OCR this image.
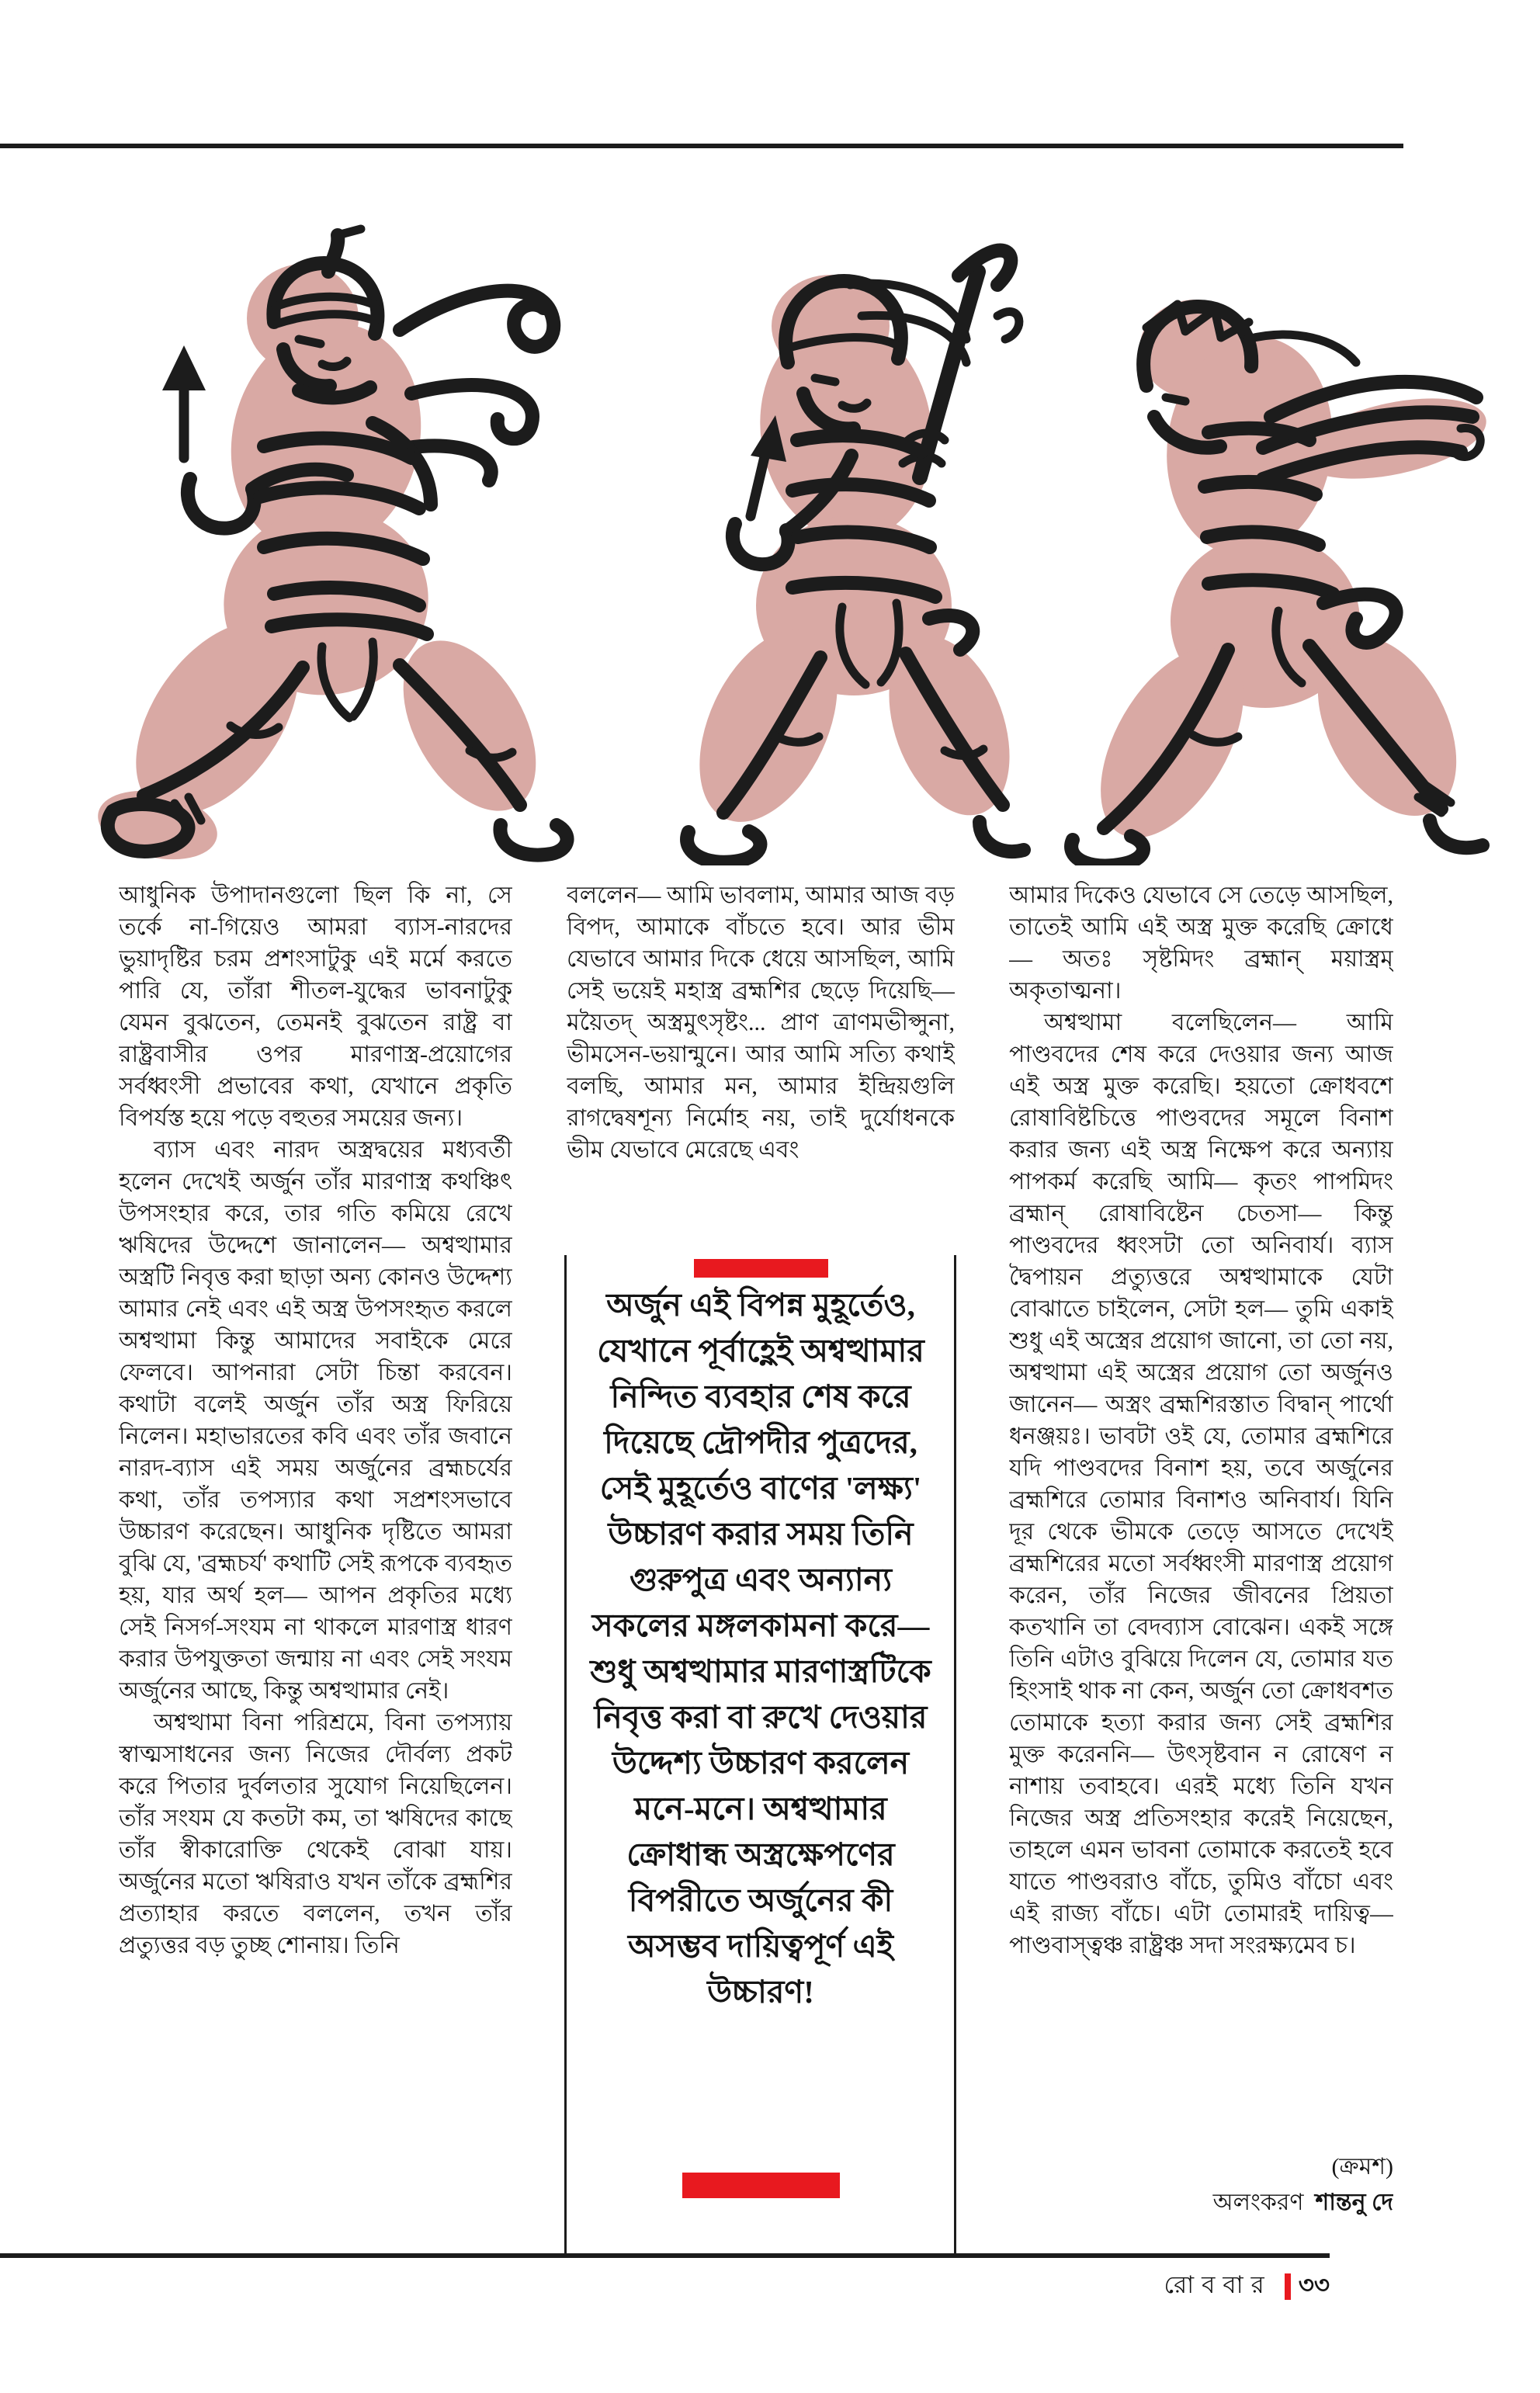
আধুনিক উপাদানগুলো ছিল কি না, সে তর্কে না-গিয়েও আমরা ব্যাস-নারদের ভুয়াদৃষ্টির চরম প্রশংসাটুকু এই মর্মে করতে পারি যে, তাঁরা শীতল-যুদ্ধের ভাবনাটুকু যেমন বুঝতেন, তেমনই বুঝতেন রাষ্ট্র বা রাষ্ট্রবাসীর ওপর মারণাস্ত্র-প্রয়োগের সর্বধ্বংসী প্রভাবের কথা, যেখানে প্রকৃতি বিপর্যস্ত হয়ে পড়ে বহুতর সময়ের জন্য।

ব্যাস এবং নারদ অস্ত্রদ্বয়ের মধ্যবর্তী হলেন দেখেই অর্জুন তাঁর মারণাস্ত্র কথঞ্চিৎ উপসংহার করে, তার গতি কমিয়ে রেখে ঋষিদের উদ্দেশে জানালেন— অশ্বত্থামার অস্ত্রটি নিবৃত্ত করা ছাড়া অন্য কোনও উদ্দেশ্য আমার নেই এবং এই অস্ত্র উপসংহৃত করলে অশ্বত্থামা কিন্তু আমাদের সবাইকে মেরে ফেলবে। আপনারা সেটা চিন্তা করবেন। কথাটা বলেই অর্জুন তাঁর অস্ত্র ফিরিয়ে নিলেন। মহাভারতের কবি এবং তাঁর জবানে নারদ-ব্যাস এই সময় অর্জুনের ব্রহ্মচর্যের কথা, তাঁর তপস্যার কথা সপ্রশংসভাবে উচ্চারণ করেছেন। আধুনিক দৃষ্টিতে আমরা বুঝি যে, 'ব্রহ্মচর্য' কথাটি সেই রূপকে ব্যবহৃত হয়, যার অর্থ হল— আপন প্রকৃতির মধ্যে সেই নিসর্গ-সংযম না থাকলে মারণাস্ত্র ধারণ করার উপযুক্ততা জন্মায় না এবং সেই সংযম অর্জুনের আছে, কিন্তু অশ্বত্থামার নেই।

অশ্বত্থামা বিনা পরিশ্রমে, বিনা তপস্যায় স্বাত্মসাধনের জন্য নিজের দৌর্বল্য প্রকট করে পিতার দুর্বলতার সুযোগ নিয়েছিলেন। তাঁর সংযম যে কতটা কম, তা ঋষিদের কাছে তাঁর স্বীকারোক্তি থেকেই বোঝা যায়। অর্জুনের মতো ঋষিরাও যখন তাঁকে ব্রহ্মশির প্রত্যাহার করতে বললেন, তখন তাঁর প্রত্যুত্তর বড় তুচ্ছ শোনায়। তিনি

বললেন— আমি ভাবলাম, আমার আজ বড় বিপদ, আমাকে বাঁচতে হবে। আর ভীম যেভাবে আমার দিকে ধেয়ে আসছিল, আমি সেই ভয়েই মহাস্ত্র ব্রহ্মশির ছেড়ে দিয়েছি— ময়ৈতদ্ অস্ত্রমুৎসৃষ্টং... প্রাণ ত্রাণমভীপ্সুনা, ভীমসেন-ভয়ান্মুনে। আর আমি সত্যি কথাই বলছি, আমার মন, আমার ইন্দ্রিয়গুলি রাগদ্বেষশূন্য নির্মোহ নয়, তাই দুর্যোধনকে ভীম যেভাবে মেরেছে এবং

অর্জুন এই বিপন্ন মুহূর্তেও, যেখানে পূর্বাহ্ণেই অশ্বত্থামার নিন্দিত ব্যবহার শেষ করে দিয়েছে দ্রৌপদীর পুত্রদের, সেই মুহূর্তেও বাণের 'লক্ষ্য' উচ্চারণ করার সময় তিনি গুরুপুত্র এবং অন্যান্য সকলের মঙ্গলকামনা করে— শুধু অশ্বত্থামার মারণাস্ত্রটিকে নিবৃত্ত করা বা রুখে দেওয়ার উদ্দেশ্য উচ্চারণ করলেন মনে-মনে। অশ্বত্থামার ক্রোধান্ধ অস্ত্রক্ষেপণের বিপরীতে অর্জুনের কী অসম্ভব দায়িত্বপূর্ণ এই উচ্চারণ!

আমার দিকেও যেভাবে সে তেড়ে আসছিল, তাতেই আমি এই অস্ত্র মুক্ত করেছি ক্রোধে— অতঃ সৃষ্টমিদং ব্রহ্মান্ ময়াস্ত্রম্ অকৃতাত্মনা।

অশ্বত্থামা বলেছিলেন— আমি পাণ্ডবদের শেষ করে দেওয়ার জন্য আজ এই অস্ত্র মুক্ত করেছি। হয়তো ক্রোধবশে রোষাবিষ্টচিত্তে পাণ্ডবদের সমূলে বিনাশ করার জন্য এই অস্ত্র নিক্ষেপ করে অন্যায় পাপকর্ম করেছি আমি— কৃতং পাপমিদং ব্রহ্মান্ রোষাবিষ্টেন চেতসা— কিন্তু পাণ্ডবদের ধ্বংসটা তো অনিবার্য। ব্যাস দ্বৈপায়ন প্রত্যুত্তরে অশ্বত্থামাকে যেটা বোঝাতে চাইলেন, সেটা হল— তুমি একাই শুধু এই অস্ত্রের প্রয়োগ জানো, তা তো নয়, অশ্বত্থামা এই অস্ত্রের প্রয়োগ তো অর্জুনও জানেন— অস্ত্রং ব্রহ্মশিরস্তাত বিদ্বান্ পার্থো ধনঞ্জয়ঃ। ভাবটা ওই যে, তোমার ব্রহ্মশিরে যদি পাণ্ডবদের বিনাশ হয়, তবে অর্জুনের ব্রহ্মশিরে তোমার বিনাশও অনিবার্য। যিনি দূর থেকে ভীমকে তেড়ে আসতে দেখেই ব্রহ্মশিরের মতো সর্বধ্বংসী মারণাস্ত্র প্রয়োগ করেন, তাঁর নিজের জীবনের প্রিয়তা কতখানি তা বেদব্যাস বোঝেন। একই সঙ্গে তিনি এটাও বুঝিয়ে দিলেন যে, তোমার যত হিংসাই থাক না কেন, অর্জুন তো ক্রোধবশত তোমাকে হত্যা করার জন্য সেই ব্রহ্মশির মুক্ত করেননি— উৎসৃষ্টবান ন রোষেণ ন নাশায় তবাহবে। এরই মধ্যে তিনি যখন নিজের অস্ত্র প্রতিসংহার করেই নিয়েছেন, তাহলে এমন ভাবনা তোমাকে করতেই হবে যাতে পাণ্ডবরাও বাঁচে, তুমিও বাঁচো এবং এই রাজ্য বাঁচে। এটা তোমারই দায়িত্ব— পাণ্ডবাস্ত্বঞ্চ রাষ্ট্রঞ্চ সদা সংরক্ষ্যমেব চ।

(ক্রমশ)
অলংকরণ শান্তনু দে
রোববার ৩৩
